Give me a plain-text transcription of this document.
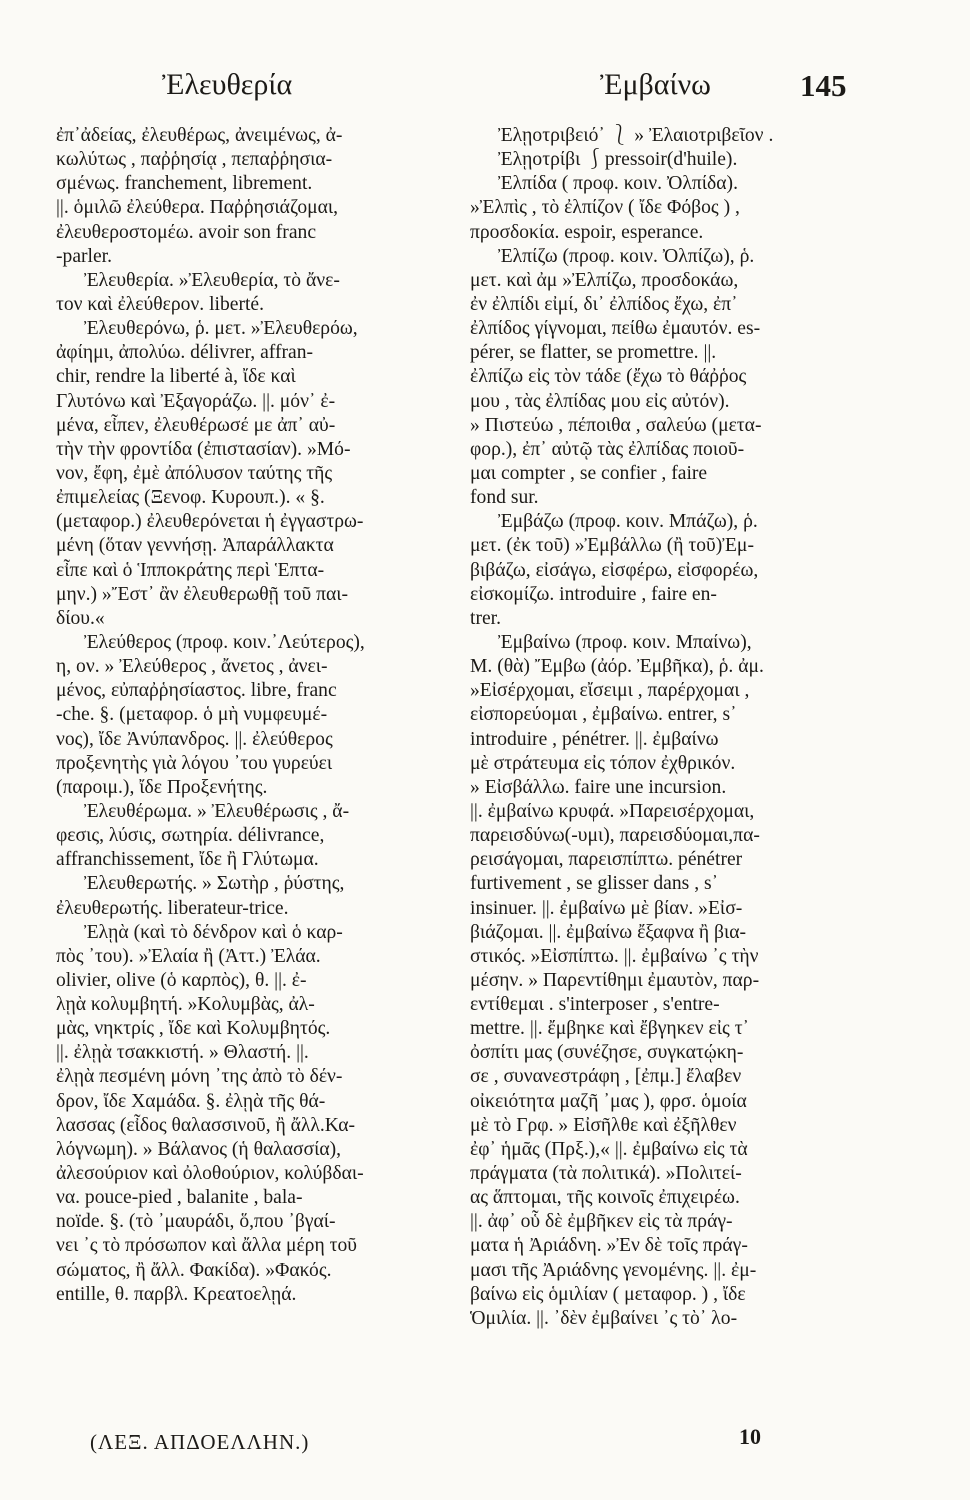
Ἐλευθερία	Ἐμβαίνω	145
ἐπ᾽ἀδείας, ἐλευθέρως, ἀνειμένως, ἀ-
κωλύτως , παῤῥησίᾳ , πεπαῤῥησια-
σμένως. franchement, librement.
||. ὁμιλῶ ἐλεύθερα. Παῤῥησιάζομαι,
ἐλευθεροστομέω. avoir son franc
-parler.
Ἐλευθερία. »Ἐλευθερία, τὸ ἄνε-
τον καὶ ἐλεύθερον. liberté.
Ἐλευθερόνω, ῥ. μετ. »Ἐλευθερόω,
ἀφίημι, ἀπολύω. délivrer, affran-
chir, rendre la liberté à, ἴδε καὶ
Γλυτόνω καὶ Ἐξαγοράζω. ||. μόν᾽ ἐ-
μένα, εἶπεν, ἐλευθέρωσέ με ἀπ᾽ αὐ-
τὴν τὴν φροντίδα (ἐπιστασίαν). »Μό-
νον, ἔφη, ἐμὲ ἀπόλυσον ταύτης τῆς
ἐπιμελείας (Ξενοφ. Κυρουπ.). « §.
(μεταφορ.) ἐλευθερόνεται ἡ ἐγγαστρω-
μένη (ὅταν γεννήσῃ. Ἀπαράλλακτα
εἶπε καὶ ὁ Ἱπποκράτης περὶ Ἑπτα-
μην.) »Ἔστ᾽ ἂν ἐλευθερωθῇ τοῦ παι-
δίου.«
Ἐλεύθερος (προφ. κοιν.᾽Λεύτερος),
η, ον. » Ἐλεύθερος , ἄνετος , ἀνει-
μένος, εὐπαῤῥησίαστος. libre, franc
-che. §. (μεταφορ. ὁ μὴ νυμφευμέ-
νος), ἴδε Ἀνύπανδρος. ||. ἐλεύθερος
προξενητὴς γιὰ λόγου ᾽του γυρεύει
(παροιμ.), ἴδε Προξενήτης.
Ἐλευθέρωμα. » Ἐλευθέρωσις , ἄ-
φεσις, λύσις, σωτηρία. délivrance,
affranchissement, ἴδε ἢ Γλύτωμα.
Ἐλευθερωτής. » Σωτὴρ , ῥύστης,
ἐλευθερωτής. liberateur-trice.
Ἐλῃὰ (καὶ τὸ δένδρον καὶ ὁ καρ-
πὸς ᾽του). »Ἐλαία ἢ (Ἀττ.) Ἐλάα.
olivier, olive (ὁ καρπὸς), θ. ||. ἐ-
λῃὰ κολυμβητή. »Κολυμβὰς, ἀλ-
μὰς, νηκτρίς , ἴδε καὶ Κολυμβητός.
||. ἐλῃὰ τσακκιστή. » Θλαστή. ||.
ἐλῃὰ πεσμένη μόνη ᾽της ἀπὸ τὸ δέν-
δρον, ἴδε Χαμάδα. §. ἐλῃὰ τῆς θά-
λασσας (εἶδος θαλασσινοῦ, ἢ ἄλλ.Κα-
λόγνωμη). » Βάλανος (ἡ θαλασσία),
ἀλεσούριον καὶ ὀλοθούριον, κολύβδαι-
να. pouce-pied , balanite , bala-
noïde. §. (τὸ ᾽μαυράδι, ὅ,που ᾽βγαί-
νει ᾽ς τὸ πρόσωπον καὶ ἄλλα μέρη τοῦ
σώματος, ἢ ἄλλ. Φακίδα). »Φακός.
entille, θ. παρβλ. Κρεατοελῃά.
Ἐλῃοτριβειό᾽ ⎱ » Ἐλαιοτριβεῖον .
Ἐλῃοτρίβι ⎰pressoir(d'huile).
Ἐλπίδα ( προφ. κοιν. Ὀλπίδα).
»Ἐλπὶς , τὸ ἐλπίζον ( ἴδε Φόβος ) ,
προσδοκία. espoir, esperance.
Ἐλπίζω (προφ. κοιν. Ὀλπίζω), ῥ.
μετ. καὶ ἀμ »Ἐλπίζω, προσδοκάω,
ἐν ἐλπίδι εἰμί, δι᾽ ἐλπίδος ἔχω, ἐπ᾽
ἐλπίδος γίγνομαι, πείθω ἐμαυτόν. es-
pérer, se flatter, se promettre. ||.
ἐλπίζω εἰς τὸν τάδε (ἔχω τὸ θάῤῥος
μου , τὰς ἐλπίδας μου εἰς αὐτόν).
» Πιστεύω , πέποιθα , σαλεύω (μετα-
φορ.), ἐπ᾽ αὐτῷ τὰς ἐλπίδας ποιοῦ-
μαι compter , se confier , faire
fond sur.
Ἐμβάζω (προφ. κοιν. Μπάζω), ῥ.
μετ. (ἐκ τοῦ) »Ἐμβάλλω (ἢ τοῦ)Ἐμ-
βιβάζω, εἰσάγω, εἰσφέρω, εἰσφορέω,
εἰσκομίζω. introduire , faire en-
trer.
Ἐμβαίνω (προφ. κοιν. Μπαίνω),
Μ. (θὰ) Ἔμβω (ἀόρ. Ἐμβῆκα), ῥ. ἀμ.
»Εἰσέρχομαι, εἴσειμι , παρέρχομαι ,
εἰσπορεύομαι , ἐμβαίνω. entrer, s᾽
introduire , pénétrer. ||. ἐμβαίνω
μὲ στράτευμα εἰς τόπον ἐχθρικόν.
» Εἰσβάλλω. faire une incursion.
||. ἐμβαίνω κρυφά. »Παρεισέρχομαι,
παρεισδύνω(-υμι), παρεισδύομαι,πα-
ρεισάγομαι, παρεισπίπτω. pénétrer
furtivement , se glisser dans , s᾽
insinuer. ||. ἐμβαίνω μὲ βίαν. »Εἰσ-
βιάζομαι. ||. ἐμβαίνω ἔξαφνα ἢ βια-
στικός. »Εἰσπίπτω. ||. ἐμβαίνω ᾽ς τὴν
μέσην. » Παρεντίθημι ἐμαυτὸν, παρ-
εντίθεμαι . s'interposer , s'entre-
mettre. ||. ἔμβηκε καὶ ἔβγηκεν εἰς τ᾽
ὀσπίτι μας (συνέζησε, συγκατῴκη-
σε , συνανεστράφη , [ἐπμ.] ἔλαβεν
οἰκειότητα μαζῆ ᾽μας ), φρσ. ὁμοία
μὲ τὸ Γρφ. » Εἰσῆλθε καὶ ἐξῆλθεν
ἐφ᾽ ἡμᾶς (Πρξ.),« ||. ἐμβαίνω εἰς τὰ
πράγματα (τὰ πολιτικά). »Πολιτεί-
ας ἅπτομαι, τῆς κοινοῖς ἐπιχειρέω.
||. ἀφ᾽ οὗ δὲ ἐμβῆκεν εἰς τὰ πράγ-
ματα ἡ Ἀριάδνη. »Ἐν δὲ τοῖς πράγ-
μασι τῆς Ἀριάδνης γενομένης. ||. ἐμ-
βαίνω εἰς ὁμιλίαν ( μεταφορ. ) , ἴδε
Ὁμιλία. ||. ᾽δὲν ἐμβαίνει ᾽ς τὸ᾽ λο-
(ΛΕΞ. ΑΠΔΟΕΛΛΗΝ.)	10
